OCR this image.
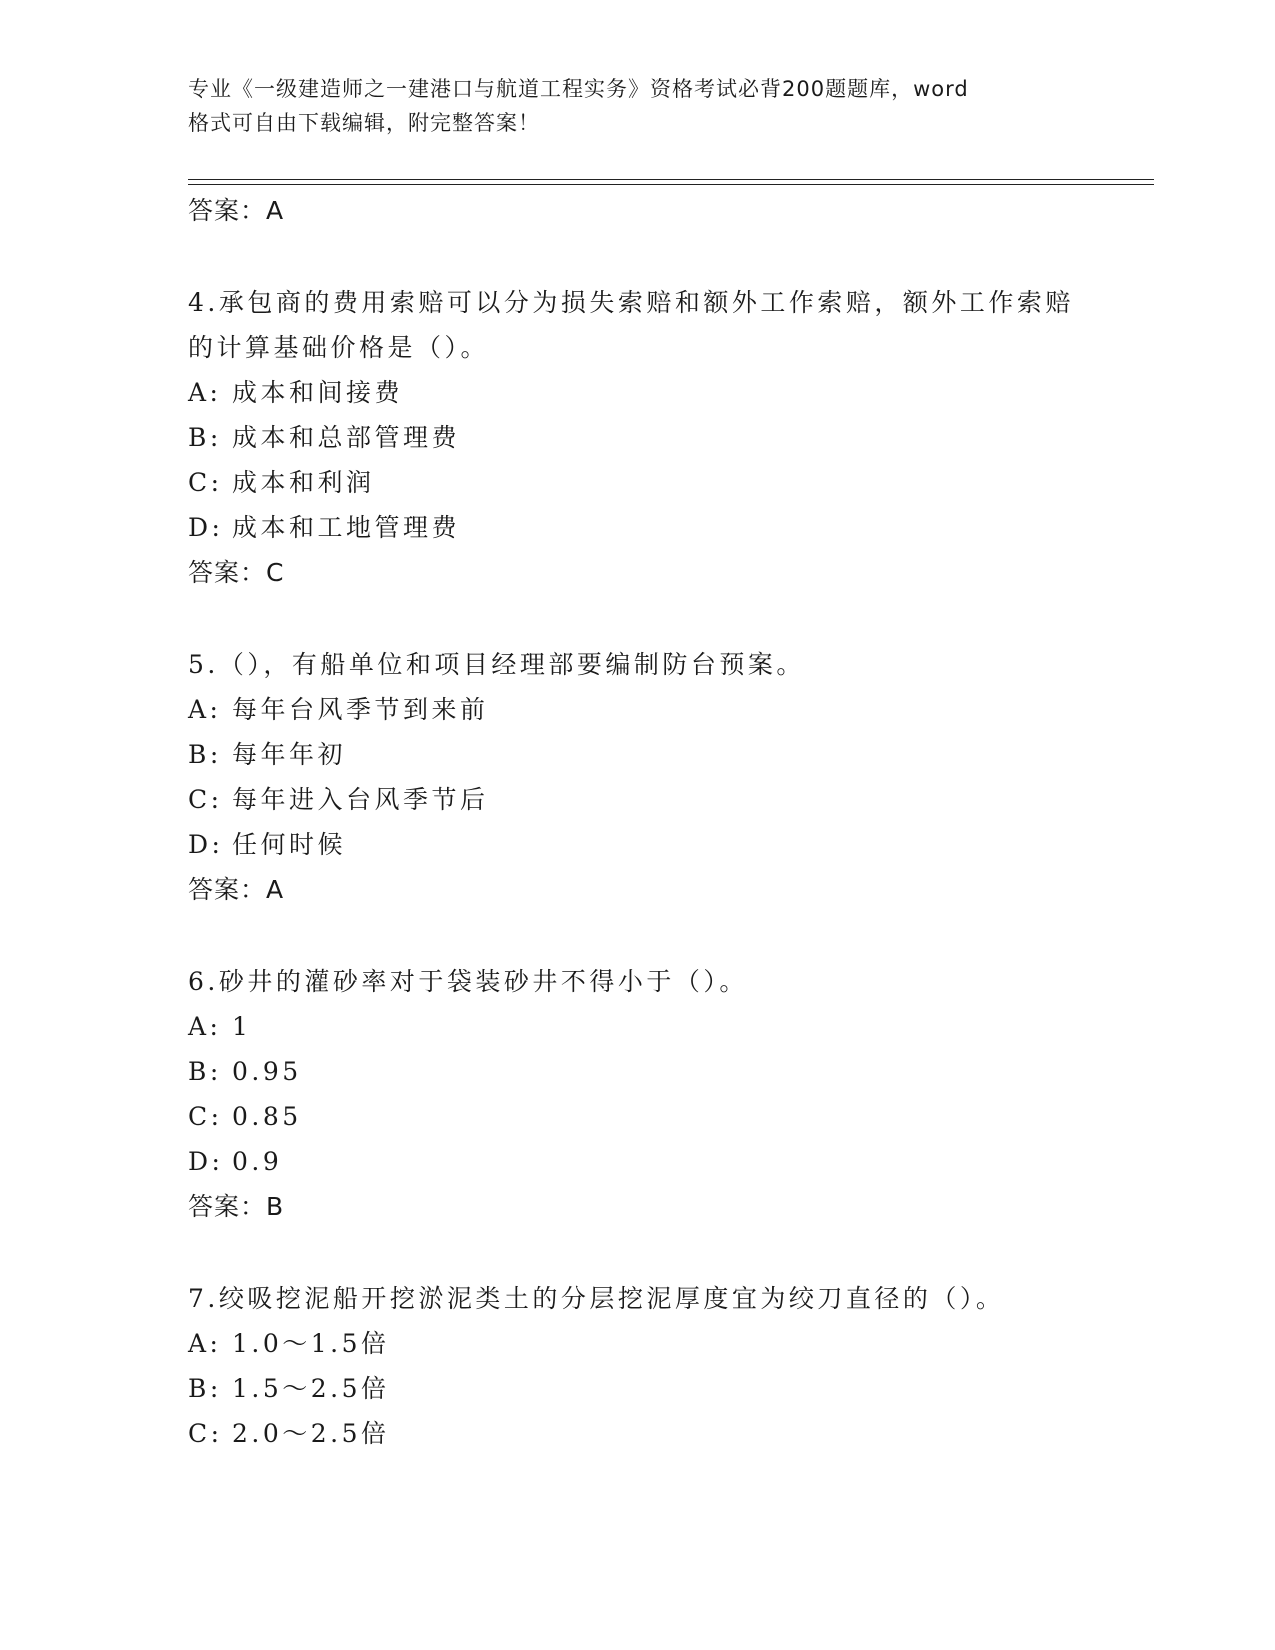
专业《一级建造师之一建港口与航道工程实务》资格考试必背200题题库，word
格式可自由下载编辑，附完整答案！
答案：A
4.承包商的费用索赔可以分为损失索赔和额外工作索赔，额外工作索赔的计算基础价格是（）。
A: 成本和间接费
B: 成本和总部管理费
C: 成本和利润
D: 成本和工地管理费
答案：C
5.（），有船单位和项目经理部要编制防台预案。
A: 每年台风季节到来前
B: 每年年初
C: 每年进入台风季节后
D: 任何时候
答案：A
6.砂井的灌砂率对于袋装砂井不得小于（）。
A: 1
B: 0.95
C: 0.85
D: 0.9
答案：B
7.绞吸挖泥船开挖淤泥类土的分层挖泥厚度宜为绞刀直径的（）。
A: 1.0～1.5倍
B: 1.5～2.5倍
C: 2.0～2.5倍
